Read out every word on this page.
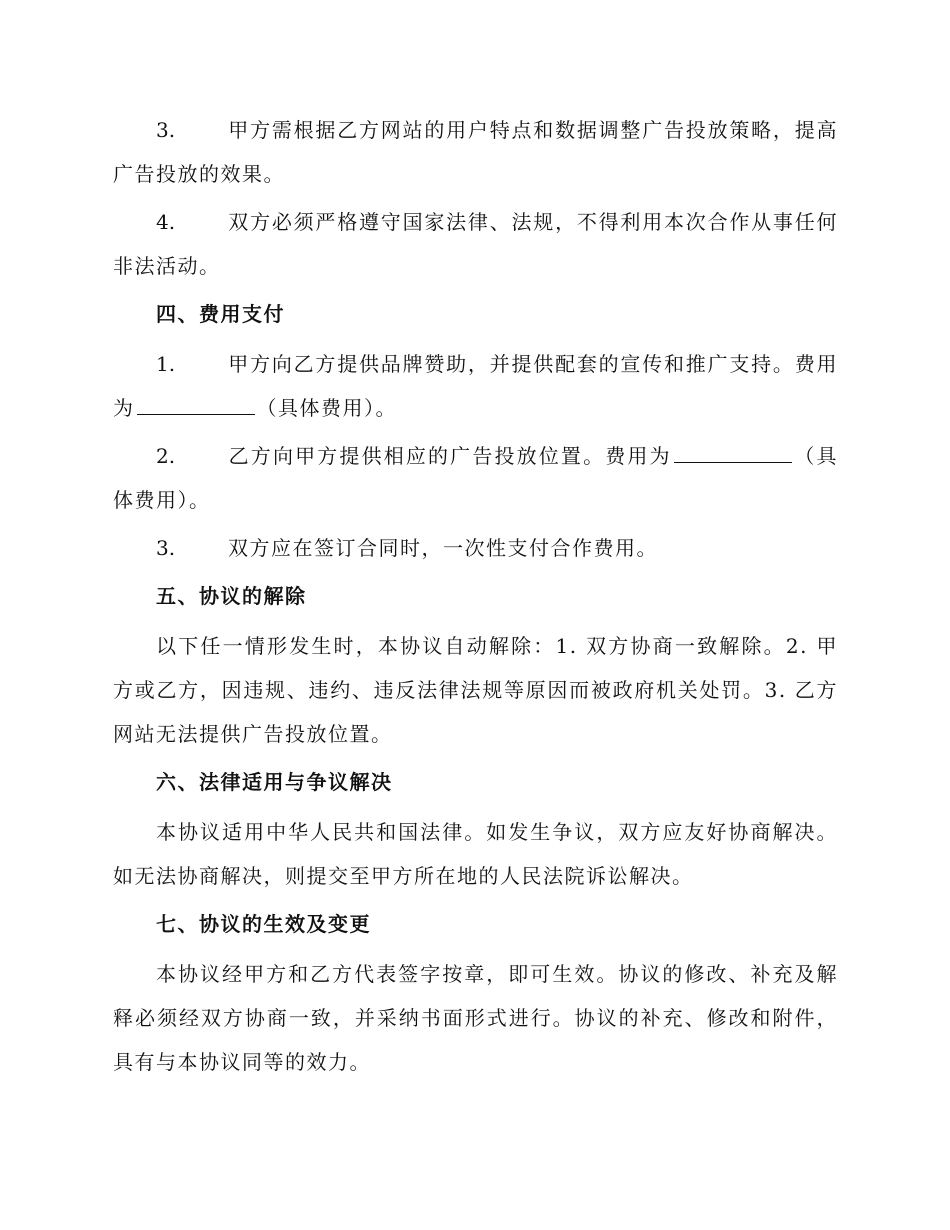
3.	甲方需根据乙方网站的用户特点和数据调整广告投放策略，提高广告投放的效果。

4.	双方必须严格遵守国家法律、法规，不得利用本次合作从事任何非法活动。

四、费用支付

1.	甲方向乙方提供品牌赞助，并提供配套的宣传和推广支持。费用为	（具体费用）。

2.	乙方向甲方提供相应的广告投放位置。费用为	（具体费用）。

3.	双方应在签订合同时，一次性支付合作费用。

五、协议的解除

以下任一情形发生时，本协议自动解除：1. 双方协商一致解除。2. 甲方或乙方，因违规、违约、违反法律法规等原因而被政府机关处罚。3. 乙方网站无法提供广告投放位置。

六、法律适用与争议解决

本协议适用中华人民共和国法律。如发生争议，双方应友好协商解决。如无法协商解决，则提交至甲方所在地的人民法院诉讼解决。

七、协议的生效及变更

本协议经甲方和乙方代表签字按章，即可生效。协议的修改、补充及解释必须经双方协商一致，并采纳书面形式进行。协议的补充、修改和附件，具有与本协议同等的效力。
